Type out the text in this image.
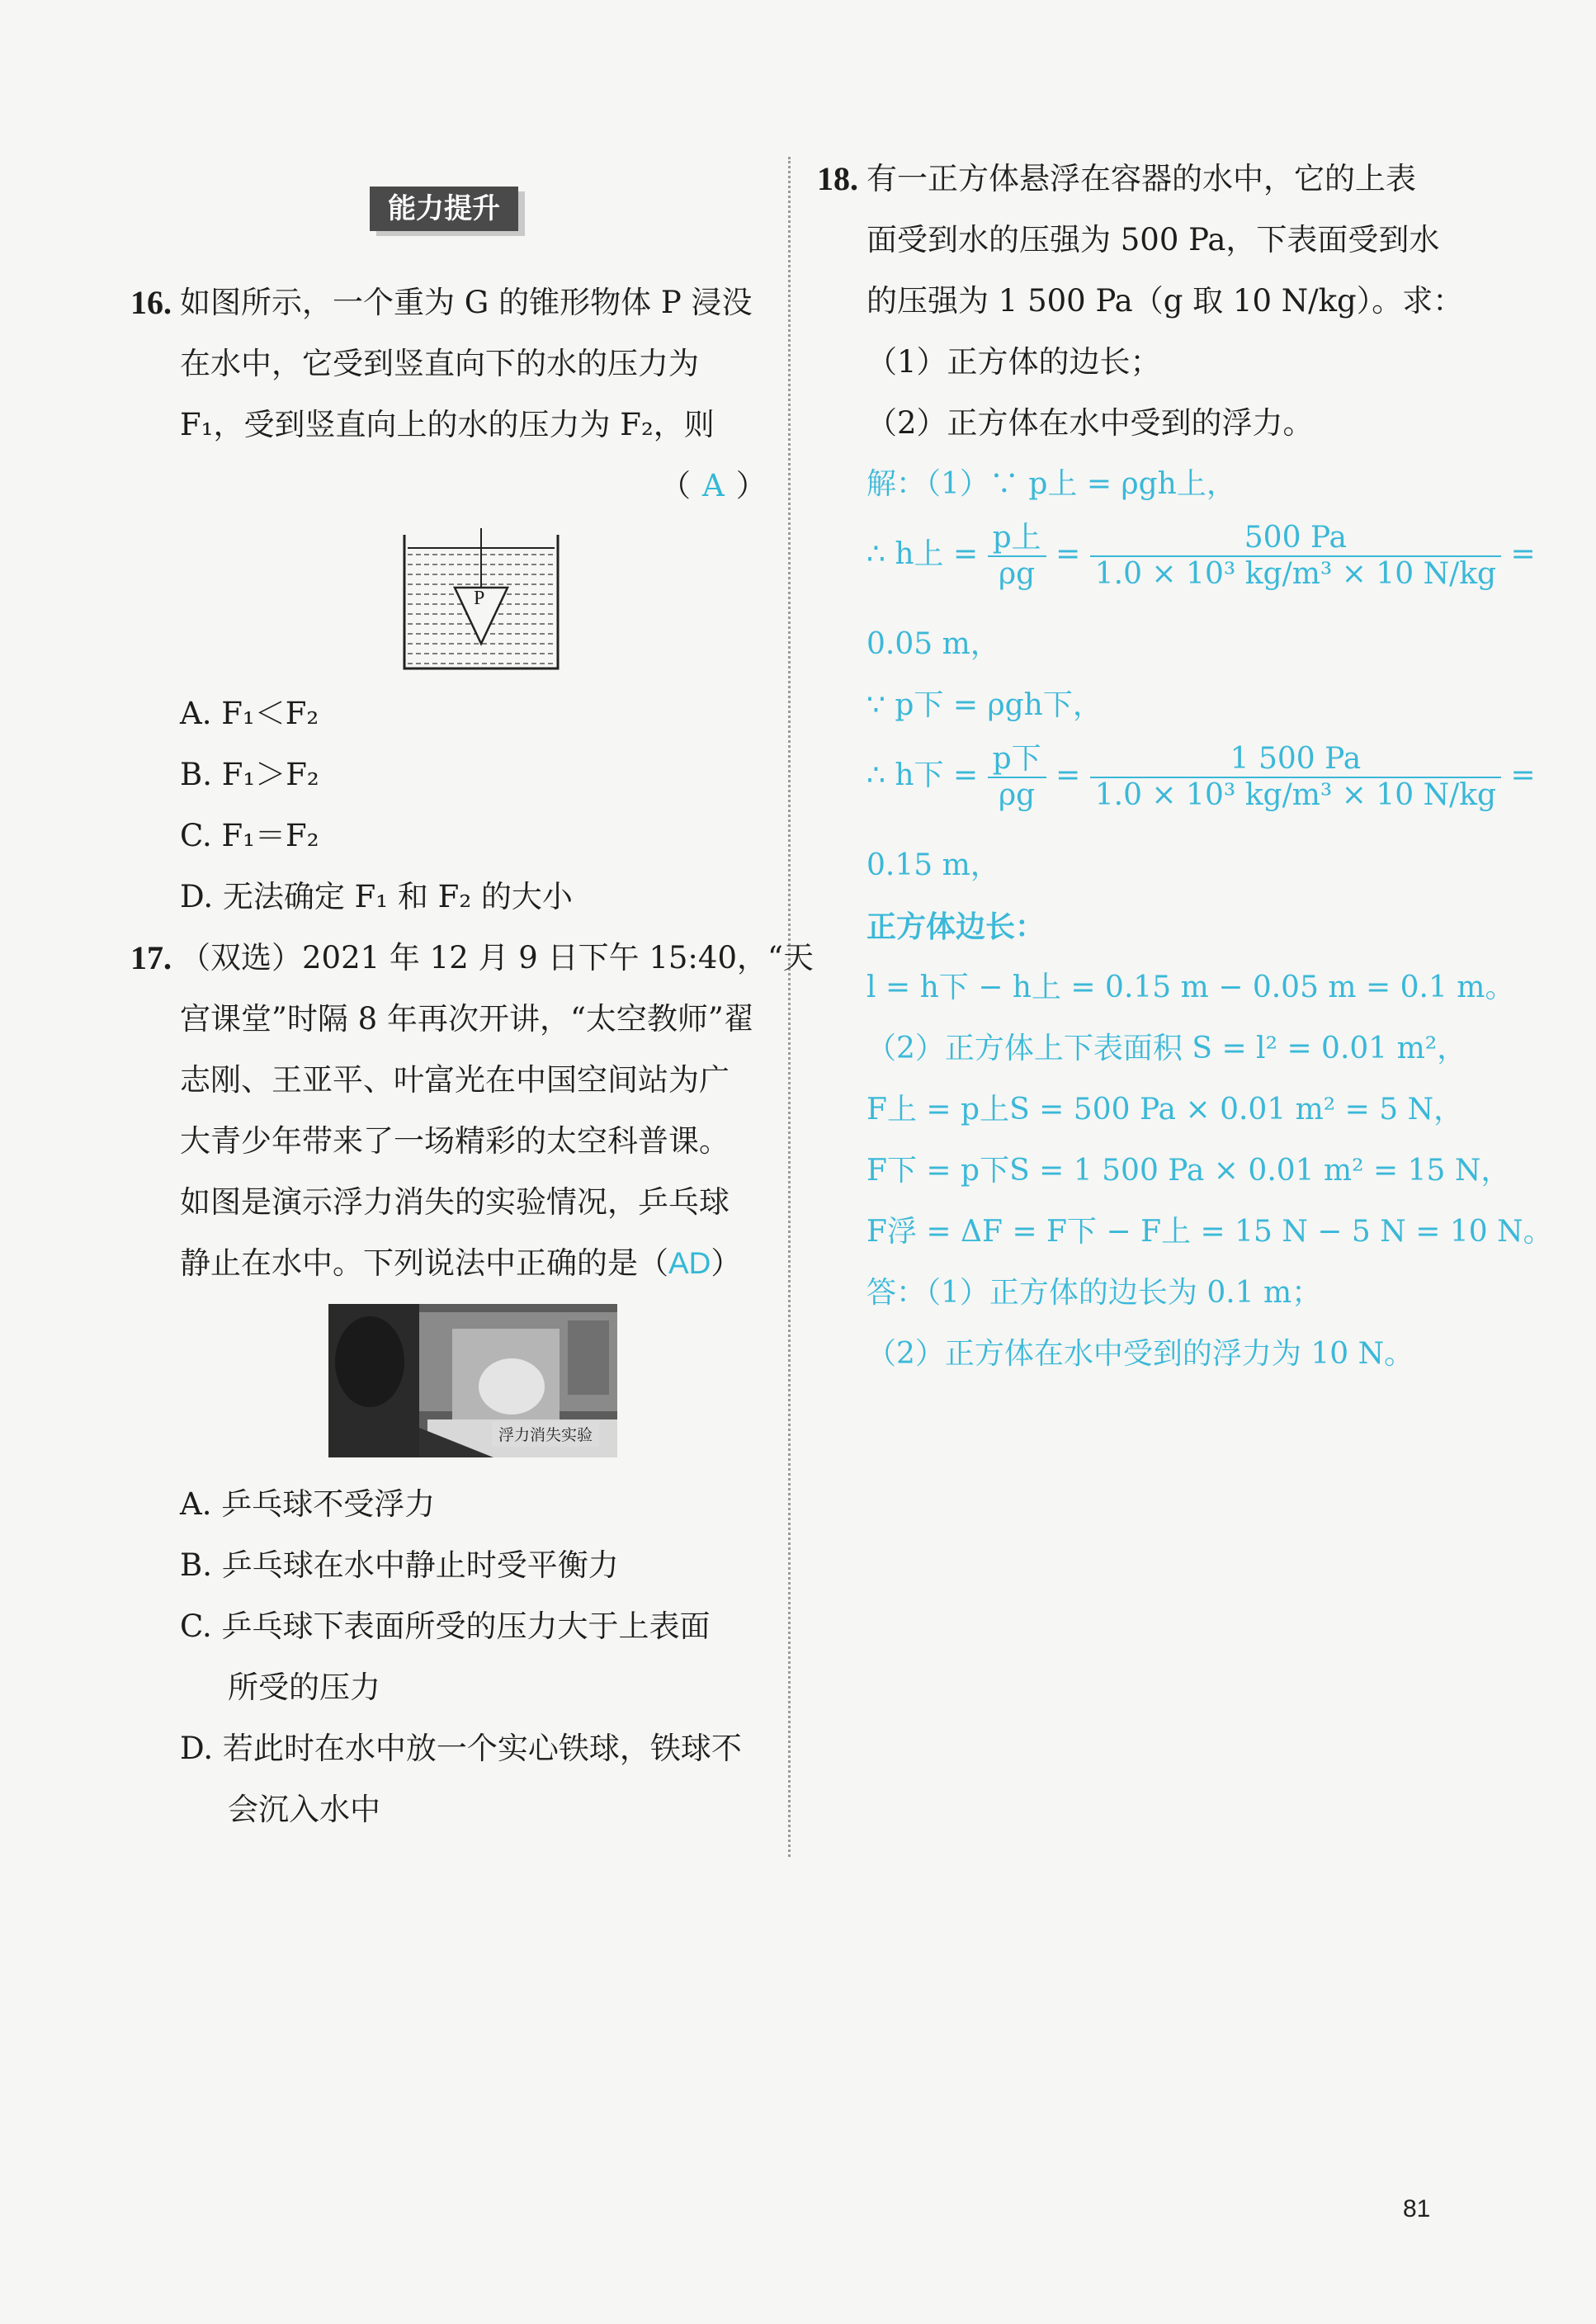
能力提升
16. 如图所示，一个重为 G 的锥形物体 P 浸没
在水中，它受到竖直向下的水的压力为
F₁，受到竖直向上的水的压力为 F₂，则
（ A ）
P
A. F₁＜F₂
B. F₁＞F₂
C. F₁＝F₂
D. 无法确定 F₁ 和 F₂ 的大小
17. （双选）2021 年 12 月 9 日下午 15:40，“天
宫课堂”时隔 8 年再次开讲，“太空教师”翟
志刚、王亚平、叶富光在中国空间站为广
大青少年带来了一场精彩的太空科普课。
如图是演示浮力消失的实验情况，乒乓球
静止在水中。下列说法中正确的是（AD）
浮力消失实验
A. 乒乓球不受浮力
B. 乒乓球在水中静止时受平衡力
C. 乒乓球下表面所受的压力大于上表面
所受的压力
D. 若此时在水中放一个实心铁球，铁球不
会沉入水中
18. 有一正方体悬浮在容器的水中，它的上表
面受到水的压强为 500 Pa，下表面受到水
的压强为 1 500 Pa（g 取 10 N/kg）。求：
（1）正方体的边长；
（2）正方体在水中受到的浮力。
解：（1）∵ p上 = ρgh上，
∴ h上 = $\frac{\text{p上}}{\rho g} = \frac{500 Pa}{\text{1.0 × 10³ kg/m³ × 10 N/kg}}$ =
0.05 m，
∵ p下 = ρgh下，
∴ h下 = $\frac{\text{p下}}{\rho g} = \frac{1 500 Pa}{\text{1.0 × 10³ kg/m³ × 10 N/kg}}$ =
0.15 m，
正方体边长：
l = h下 − h上 = 0.15 m − 0.05 m = 0.1 m。
（2）正方体上下表面积 S = l² = 0.01 m²，
F上 = p上S = 500 Pa × 0.01 m² = 5 N，
F下 = p下S = 1 500 Pa × 0.01 m² = 15 N，
F浮 = ΔF = F下 − F上 = 15 N − 5 N = 10 N。
答：（1）正方体的边长为 0.1 m；
（2）正方体在水中受到的浮力为 10 N。
81
